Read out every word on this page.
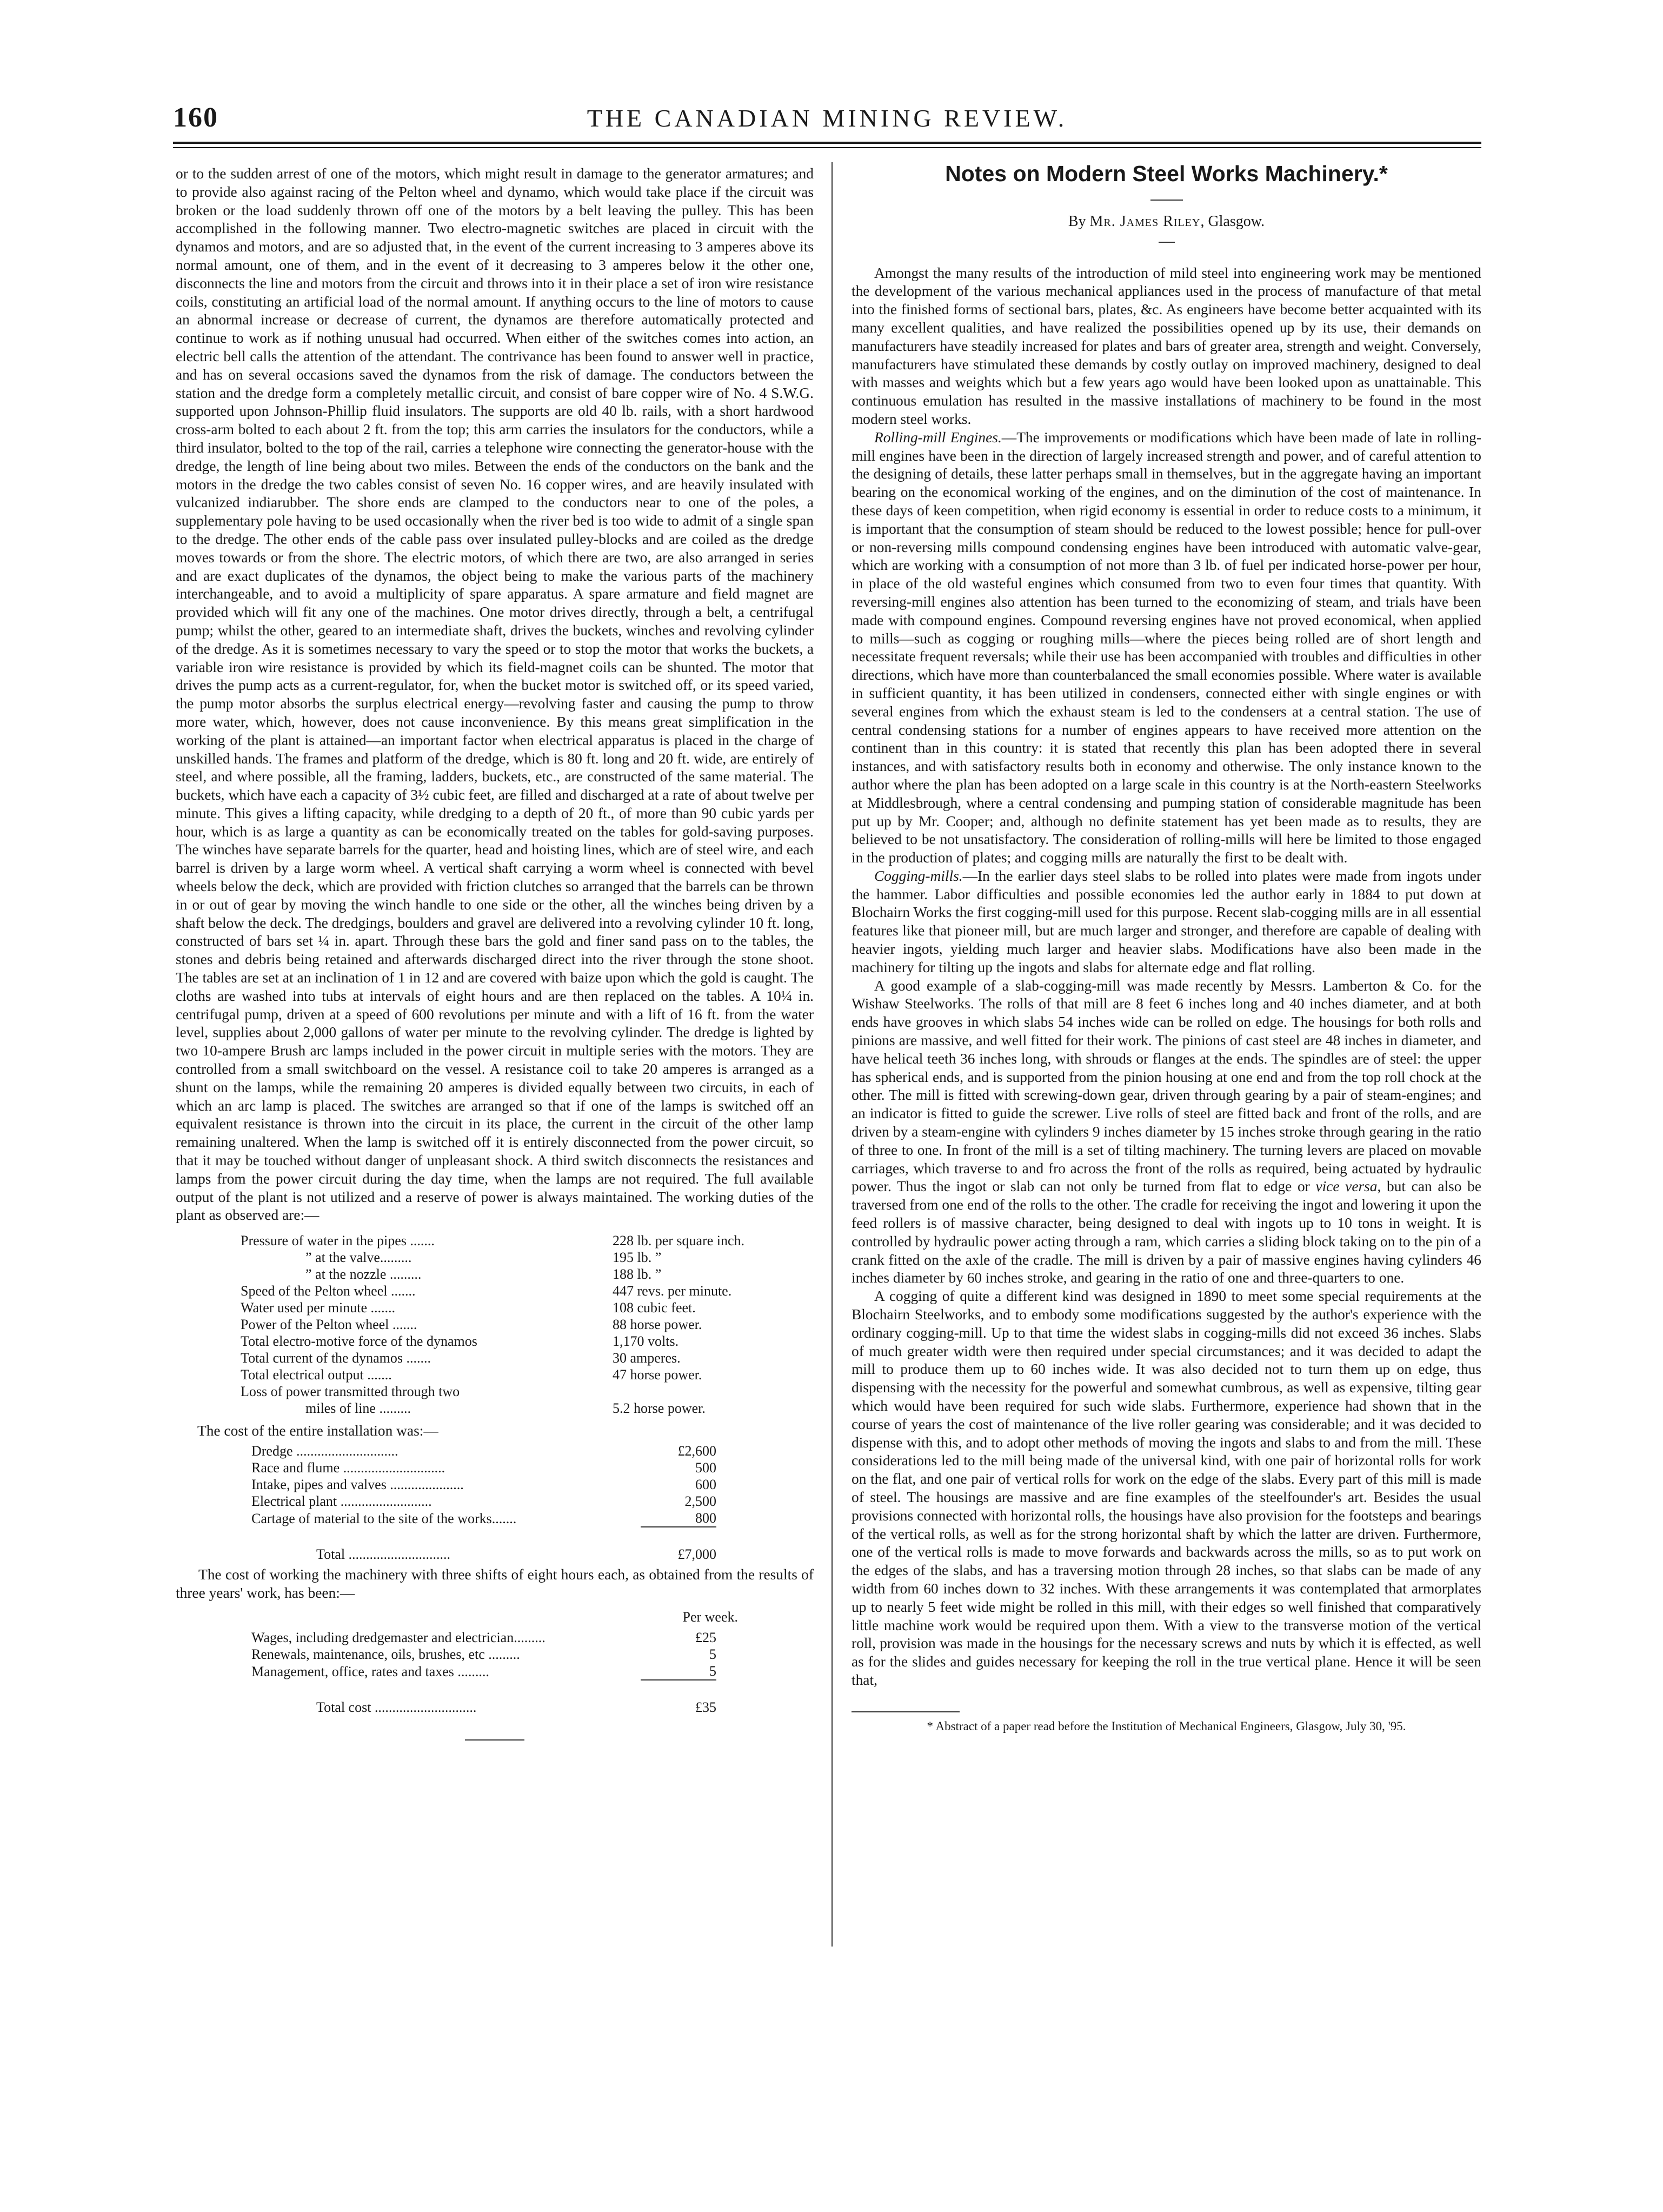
160	THE CANADIAN MINING REVIEW.

or to the sudden arrest of one of the motors, which might result in damage to the generator armatures; and to provide also against racing of the Pelton wheel and dynamo, which would take place if the circuit was broken or the load suddenly thrown off one of the motors by a belt leaving the pulley. This has been accomplished in the following manner. Two electro-magnetic switches are placed in circuit with the dynamos and motors, and are so adjusted that, in the event of the current increasing to 3 amperes above its normal amount, one of them, and in the event of it decreasing to 3 amperes below it the other one, disconnects the line and motors from the circuit and throws into it in their place a set of iron wire resistance coils, constituting an artificial load of the normal amount. If anything occurs to the line of motors to cause an abnormal increase or decrease of current, the dynamos are therefore automatically protected and continue to work as if nothing unusual had occurred. When either of the switches comes into action, an electric bell calls the attention of the attendant. The contrivance has been found to answer well in practice, and has on several occasions saved the dynamos from the risk of damage. The conductors between the station and the dredge form a completely metallic circuit, and consist of bare copper wire of No. 4 S.W.G. supported upon Johnson-Phillip fluid insulators. The supports are old 40 lb. rails, with a short hardwood cross-arm bolted to each about 2 ft. from the top; this arm carries the insulators for the conductors, while a third insulator, bolted to the top of the rail, carries a telephone wire connecting the generator-house with the dredge, the length of line being about two miles. Between the ends of the conductors on the bank and the motors in the dredge the two cables consist of seven No. 16 copper wires, and are heavily insulated with vulcanized indiarubber. The shore ends are clamped to the conductors near to one of the poles, a supplementary pole having to be used occasionally when the river bed is too wide to admit of a single span to the dredge. The other ends of the cable pass over insulated pulley-blocks and are coiled as the dredge moves towards or from the shore. The electric motors, of which there are two, are also arranged in series and are exact duplicates of the dynamos, the object being to make the various parts of the machinery interchangeable, and to avoid a multiplicity of spare apparatus. A spare armature and field magnet are provided which will fit any one of the machines. One motor drives directly, through a belt, a centrifugal pump; whilst the other, geared to an intermediate shaft, drives the buckets, winches and revolving cylinder of the dredge. As it is sometimes necessary to vary the speed or to stop the motor that works the buckets, a variable iron wire resistance is provided by which its field-magnet coils can be shunted. The motor that drives the pump acts as a current-regulator, for, when the bucket motor is switched off, or its speed varied, the pump motor absorbs the surplus electrical energy—revolving faster and causing the pump to throw more water, which, however, does not cause inconvenience. By this means great simplification in the working of the plant is attained—an important factor when electrical apparatus is placed in the charge of unskilled hands. The frames and platform of the dredge, which is 80 ft. long and 20 ft. wide, are entirely of steel, and where possible, all the framing, ladders, buckets, etc., are constructed of the same material. The buckets, which have each a capacity of 3½ cubic feet, are filled and discharged at a rate of about twelve per minute. This gives a lifting capacity, while dredging to a depth of 20 ft., of more than 90 cubic yards per hour, which is as large a quantity as can be economically treated on the tables for gold-saving purposes. The winches have separate barrels for the quarter, head and hoisting lines, which are of steel wire, and each barrel is driven by a large worm wheel. A vertical shaft carrying a worm wheel is connected with bevel wheels below the deck, which are provided with friction clutches so arranged that the barrels can be thrown in or out of gear by moving the winch handle to one side or the other, all the winches being driven by a shaft below the deck. The dredgings, boulders and gravel are delivered into a revolving cylinder 10 ft. long, constructed of bars set ¼ in. apart. Through these bars the gold and finer sand pass on to the tables, the stones and debris being retained and afterwards discharged direct into the river through the stone shoot. The tables are set at an inclination of 1 in 12 and are covered with baize upon which the gold is caught. The cloths are washed into tubs at intervals of eight hours and are then replaced on the tables. A 10¼ in. centrifugal pump, driven at a speed of 600 revolutions per minute and with a lift of 16 ft. from the water level, supplies about 2,000 gallons of water per minute to the revolving cylinder. The dredge is lighted by two 10-ampere Brush arc lamps included in the power circuit in multiple series with the motors. They are controlled from a small switchboard on the vessel. A resistance coil to take 20 amperes is arranged as a shunt on the lamps, while the remaining 20 amperes is divided equally between two circuits, in each of which an arc lamp is placed. The switches are arranged so that if one of the lamps is switched off an equivalent resistance is thrown into the circuit in its place, the current in the circuit of the other lamp remaining unaltered. When the lamp is switched off it is entirely disconnected from the power circuit, so that it may be touched without danger of unpleasant shock. A third switch disconnects the resistances and lamps from the power circuit during the day time, when the lamps are not required. The full available output of the plant is not utilized and a reserve of power is always maintained. The working duties of the plant as observed are:—

Pressure of water in the pipes .......	228 lb. per square inch.
” at the valve.........	195 lb. ”
” at the nozzle .........	188 lb. ”
Speed of the Pelton wheel .......	447 revs. per minute.
Water used per minute .......	108 cubic feet.
Power of the Pelton wheel .......	88 horse power.
Total electro-motive force of the dynamos	1,170 volts.
Total current of the dynamos .......	30 amperes.
Total electrical output .......	47 horse power.
Loss of power transmitted through two	
miles of line .........	5.2 horse power.

The cost of the entire installation was:—

Dredge .............................	£2,600
Race and flume .............................	500
Intake, pipes and valves .....................	600
Electrical plant ..........................	2,500
Cartage of material to the site of the works.......	800
Total .............................	£7,000

The cost of working the machinery with three shifts of eight hours each, as obtained from the results of three years' work, has been:—

Per week.
Wages, including dredgemaster and electrician.........	£25
Renewals, maintenance, oils, brushes, etc .........	5
Management, office, rates and taxes .........	5
Total cost .............................	£35
Notes on Modern Steel Works Machinery.*

By Mr. James Riley, Glasgow.

Amongst the many results of the introduction of mild steel into engineering work may be mentioned the development of the various mechanical appliances used in the process of manufacture of that metal into the finished forms of sectional bars, plates, &c. As engineers have become better acquainted with its many excellent qualities, and have realized the possibilities opened up by its use, their demands on manufacturers have steadily increased for plates and bars of greater area, strength and weight. Conversely, manufacturers have stimulated these demands by costly outlay on improved machinery, designed to deal with masses and weights which but a few years ago would have been looked upon as unattainable. This continuous emulation has resulted in the massive installations of machinery to be found in the most modern steel works.

Rolling-mill Engines.—The improvements or modifications which have been made of late in rolling-mill engines have been in the direction of largely increased strength and power, and of careful attention to the designing of details, these latter perhaps small in themselves, but in the aggregate having an important bearing on the economical working of the engines, and on the diminution of the cost of maintenance. In these days of keen competition, when rigid economy is essential in order to reduce costs to a minimum, it is important that the consumption of steam should be reduced to the lowest possible; hence for pull-over or non-reversing mills compound condensing engines have been introduced with automatic valve-gear, which are working with a consumption of not more than 3 lb. of fuel per indicated horse-power per hour, in place of the old wasteful engines which consumed from two to even four times that quantity. With reversing-mill engines also attention has been turned to the economizing of steam, and trials have been made with compound engines. Compound reversing engines have not proved economical, when applied to mills—such as cogging or roughing mills—where the pieces being rolled are of short length and necessitate frequent reversals; while their use has been accompanied with troubles and difficulties in other directions, which have more than counterbalanced the small economies possible. Where water is available in sufficient quantity, it has been utilized in condensers, connected either with single engines or with several engines from which the exhaust steam is led to the condensers at a central station. The use of central condensing stations for a number of engines appears to have received more attention on the continent than in this country: it is stated that recently this plan has been adopted there in several instances, and with satisfactory results both in economy and otherwise. The only instance known to the author where the plan has been adopted on a large scale in this country is at the North-eastern Steelworks at Middlesbrough, where a central condensing and pumping station of considerable magnitude has been put up by Mr. Cooper; and, although no definite statement has yet been made as to results, they are believed to be not unsatisfactory. The consideration of rolling-mills will here be limited to those engaged in the production of plates; and cogging mills are naturally the first to be dealt with.

Cogging-mills.—In the earlier days steel slabs to be rolled into plates were made from ingots under the hammer. Labor difficulties and possible economies led the author early in 1884 to put down at Blochairn Works the first cogging-mill used for this purpose. Recent slab-cogging mills are in all essential features like that pioneer mill, but are much larger and stronger, and therefore are capable of dealing with heavier ingots, yielding much larger and heavier slabs. Modifications have also been made in the machinery for tilting up the ingots and slabs for alternate edge and flat rolling.

A good example of a slab-cogging-mill was made recently by Messrs. Lamberton & Co. for the Wishaw Steelworks. The rolls of that mill are 8 feet 6 inches long and 40 inches diameter, and at both ends have grooves in which slabs 54 inches wide can be rolled on edge. The housings for both rolls and pinions are massive, and well fitted for their work. The pinions of cast steel are 48 inches in diameter, and have helical teeth 36 inches long, with shrouds or flanges at the ends. The spindles are of steel: the upper has spherical ends, and is supported from the pinion housing at one end and from the top roll chock at the other. The mill is fitted with screwing-down gear, driven through gearing by a pair of steam-engines; and an indicator is fitted to guide the screwer. Live rolls of steel are fitted back and front of the rolls, and are driven by a steam-engine with cylinders 9 inches diameter by 15 inches stroke through gearing in the ratio of three to one. In front of the mill is a set of tilting machinery. The turning levers are placed on movable carriages, which traverse to and fro across the front of the rolls as required, being actuated by hydraulic power. Thus the ingot or slab can not only be turned from flat to edge or vice versa, but can also be traversed from one end of the rolls to the other. The cradle for receiving the ingot and lowering it upon the feed rollers is of massive character, being designed to deal with ingots up to 10 tons in weight. It is controlled by hydraulic power acting through a ram, which carries a sliding block taking on to the pin of a crank fitted on the axle of the cradle. The mill is driven by a pair of massive engines having cylinders 46 inches diameter by 60 inches stroke, and gearing in the ratio of one and three-quarters to one.

A cogging of quite a different kind was designed in 1890 to meet some special requirements at the Blochairn Steelworks, and to embody some modifications suggested by the author's experience with the ordinary cogging-mill. Up to that time the widest slabs in cogging-mills did not exceed 36 inches. Slabs of much greater width were then required under special circumstances; and it was decided to adapt the mill to produce them up to 60 inches wide. It was also decided not to turn them up on edge, thus dispensing with the necessity for the powerful and somewhat cumbrous, as well as expensive, tilting gear which would have been required for such wide slabs. Furthermore, experience had shown that in the course of years the cost of maintenance of the live roller gearing was considerable; and it was decided to dispense with this, and to adopt other methods of moving the ingots and slabs to and from the mill. These considerations led to the mill being made of the universal kind, with one pair of horizontal rolls for work on the flat, and one pair of vertical rolls for work on the edge of the slabs. Every part of this mill is made of steel. The housings are massive and are fine examples of the steelfounder's art. Besides the usual provisions connected with horizontal rolls, the housings have also provision for the footsteps and bearings of the vertical rolls, as well as for the strong horizontal shaft by which the latter are driven. Furthermore, one of the vertical rolls is made to move forwards and backwards across the mills, so as to put work on the edges of the slabs, and has a traversing motion through 28 inches, so that slabs can be made of any width from 60 inches down to 32 inches. With these arrangements it was contemplated that armorplates up to nearly 5 feet wide might be rolled in this mill, with their edges so well finished that comparatively little machine work would be required upon them. With a view to the transverse motion of the vertical roll, provision was made in the housings for the necessary screws and nuts by which it is effected, as well as for the slides and guides necessary for keeping the roll in the true vertical plane. Hence it will be seen that,

* Abstract of a paper read before the Institution of Mechanical Engineers, Glasgow, July 30, '95.
